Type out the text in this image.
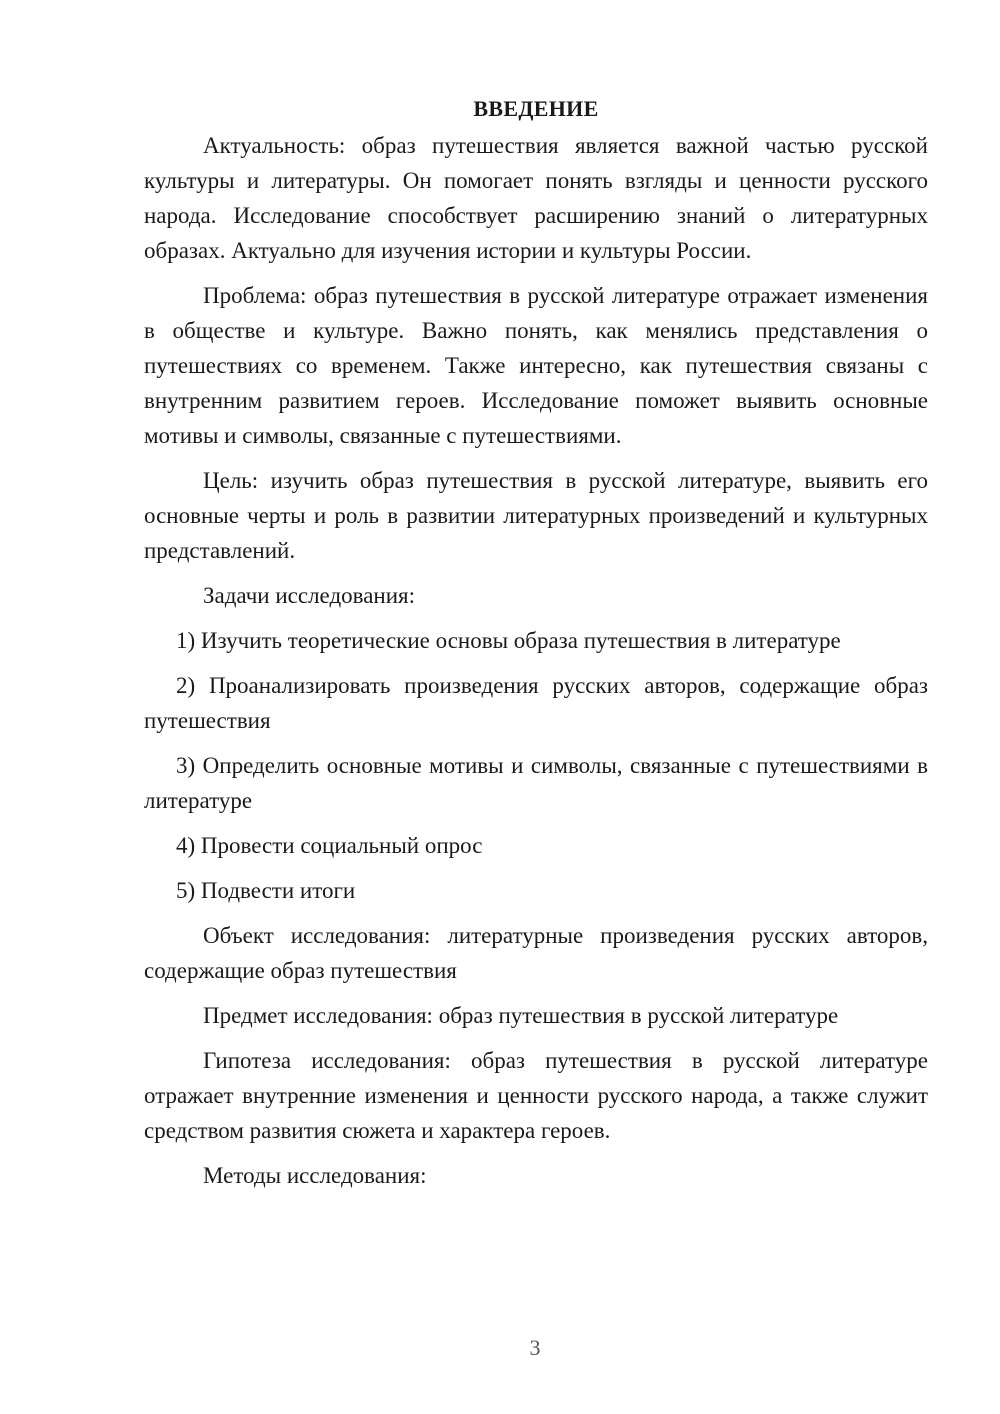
ВВЕДЕНИЕ

Актуальность: образ путешествия является важной частью русской культуры и литературы. Он помогает понять взгляды и ценности русского народа. Исследование способствует расширению знаний о литературных образах. Актуально для изучения истории и культуры России.

Проблема: образ путешествия в русской литературе отражает изменения в обществе и культуре. Важно понять, как менялись представления о путешествиях со временем. Также интересно, как путешествия связаны с внутренним развитием героев. Исследование поможет выявить основные мотивы и символы, связанные с путешествиями.

Цель: изучить образ путешествия в русской литературе, выявить его основные черты и роль в развитии литературных произведений и культурных представлений.

Задачи исследования:

1) Изучить теоретические основы образа путешествия в литературе

2) Проанализировать произведения русских авторов, содержащие образ путешествия

3) Определить основные мотивы и символы, связанные с путешествиями в литературе

4) Провести социальный опрос

5) Подвести итоги

Объект исследования: литературные произведения русских авторов, содержащие образ путешествия

Предмет исследования: образ путешествия в русской литературе

Гипотеза исследования: образ путешествия в русской литературе отражает внутренние изменения и ценности русского народа, а также служит средством развития сюжета и характера героев.

Методы исследования:

3
